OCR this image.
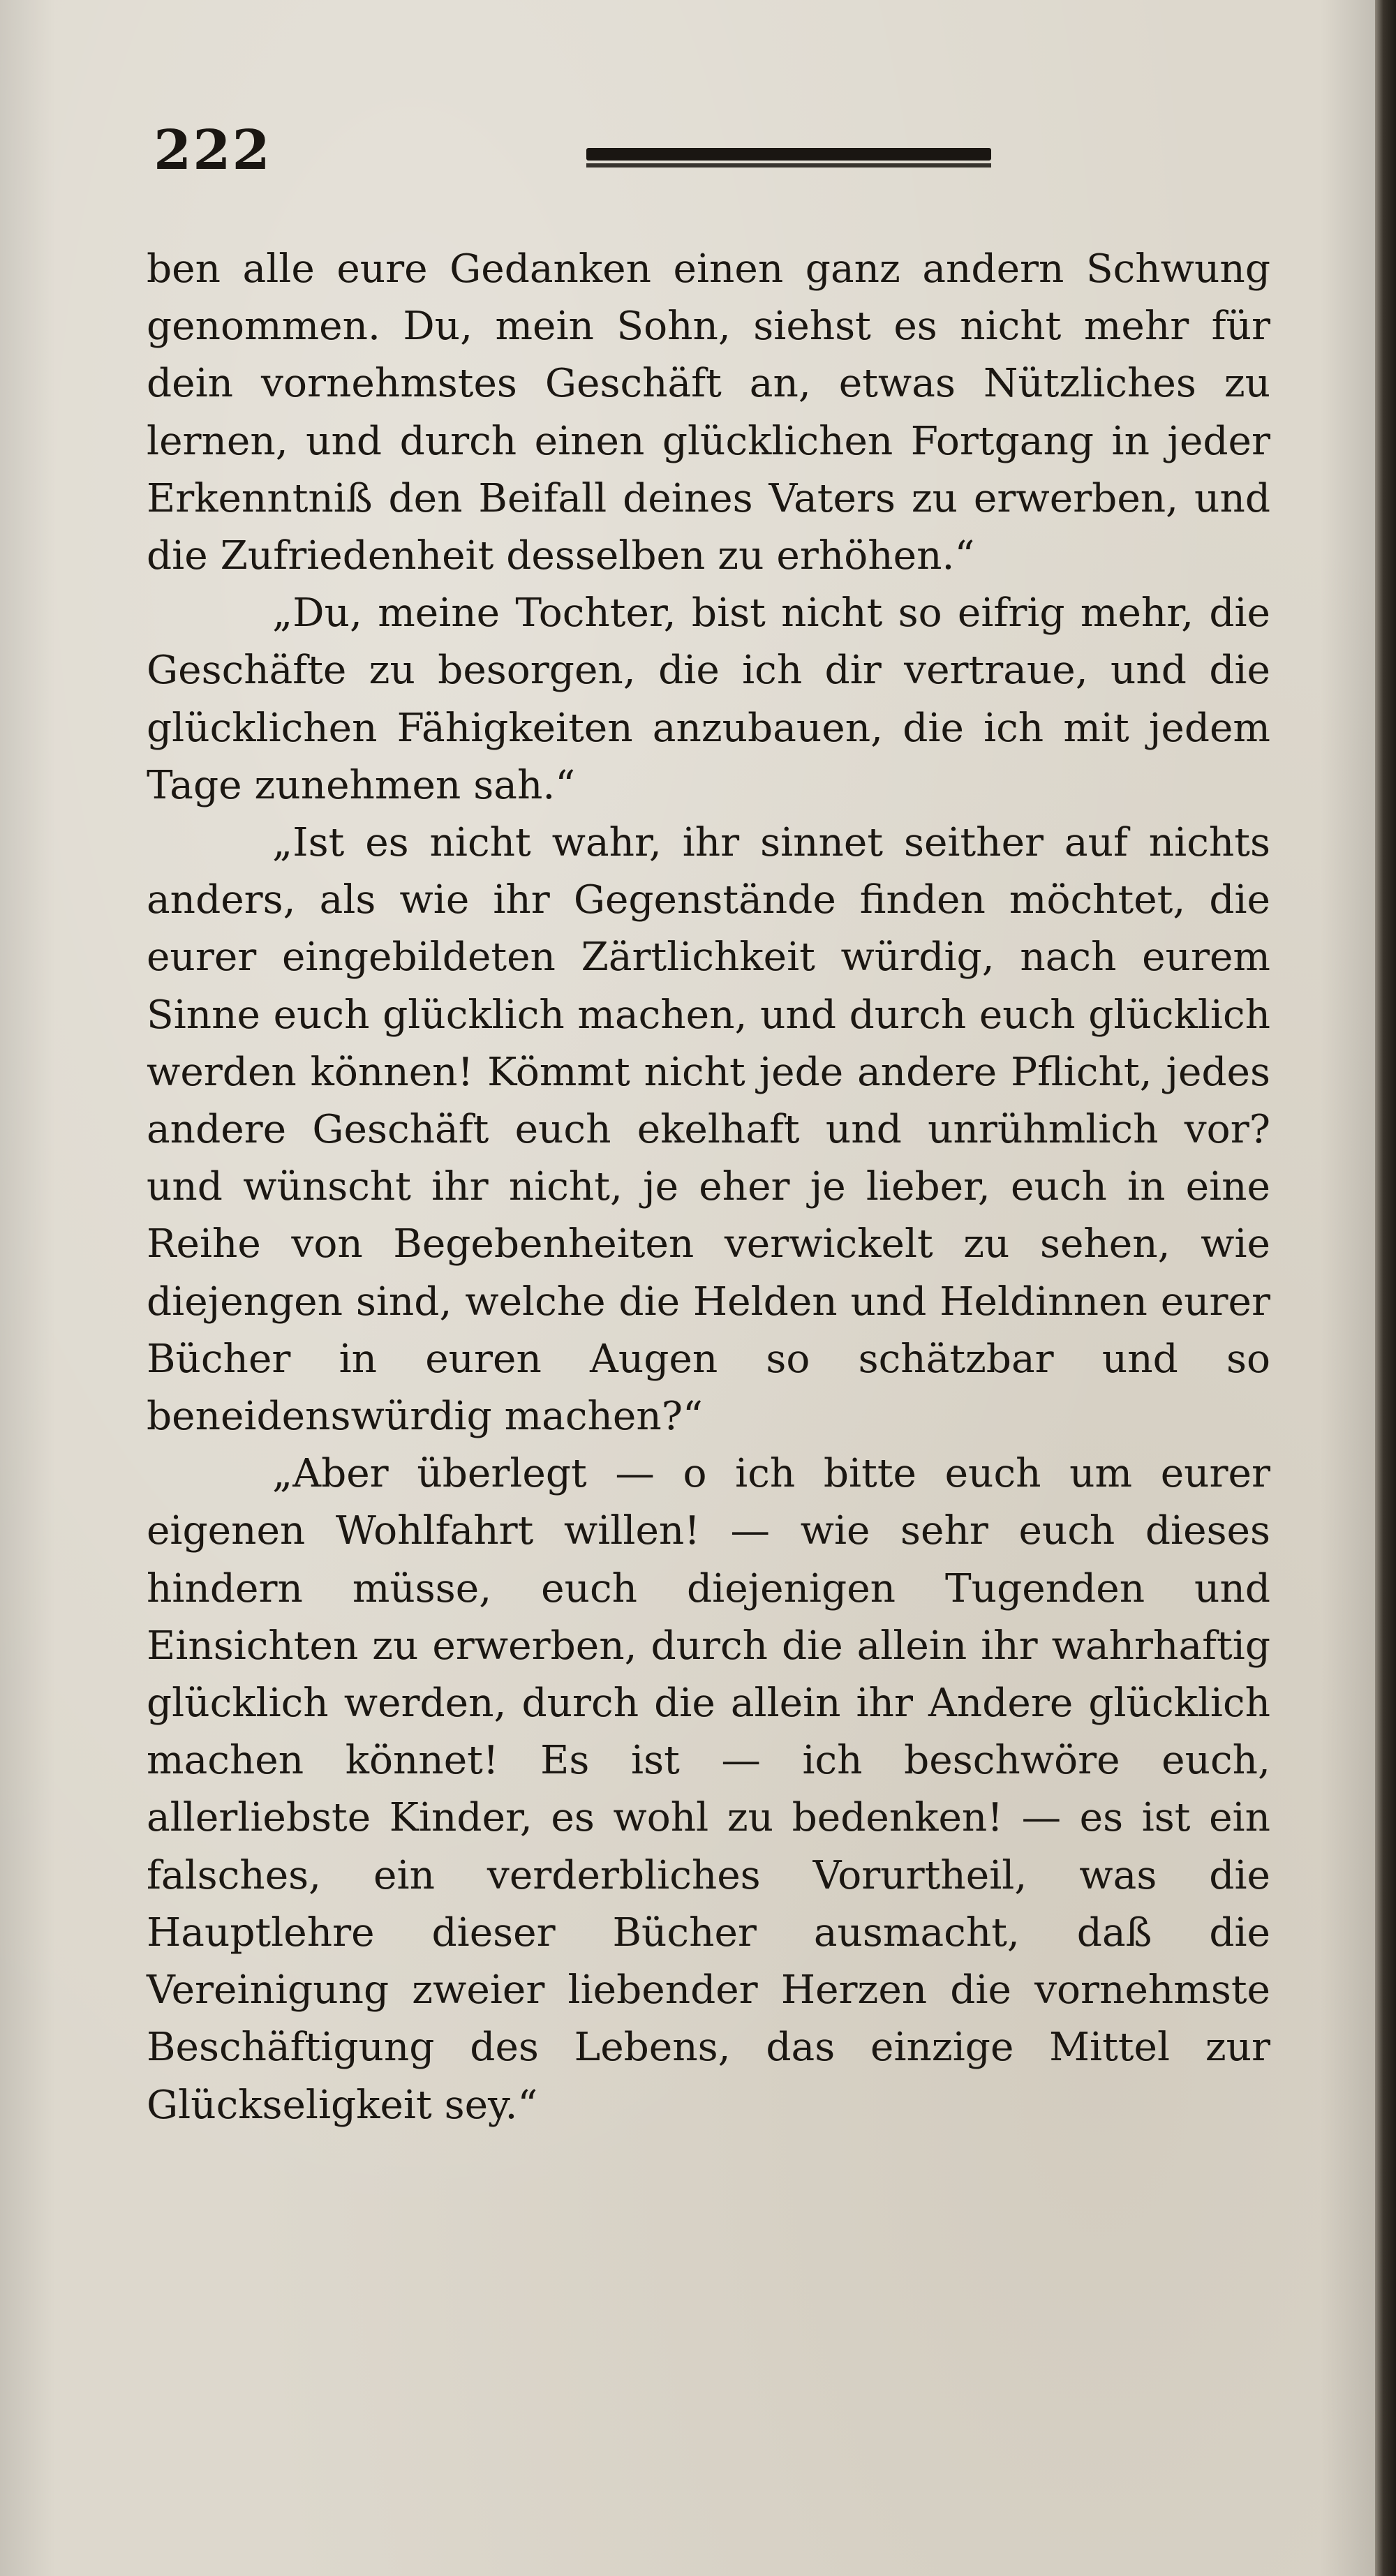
222

ben alle eure Gedanken einen ganz andern Schwung genommen. Du, mein Sohn, siehst es nicht mehr für dein vornehmstes Geschäft an, etwas Nützliches zu lernen, und durch einen glücklichen Fortgang in jeder Erkenntniß den Beifall deines Vaters zu erwerben, und die Zufriedenheit desselben zu erhöhen.“

„Du, meine Tochter, bist nicht so eifrig mehr, die Geschäfte zu besorgen, die ich dir vertraue, und die glücklichen Fähigkeiten anzubauen, die ich mit jedem Tage zunehmen sah.“

„Ist es nicht wahr, ihr sinnet seither auf nichts anders, als wie ihr Gegenstände finden möchtet, die eurer eingebildeten Zärtlichkeit würdig, nach eurem Sinne euch glücklich machen, und durch euch glücklich werden können! Kömmt nicht jede andere Pflicht, jedes andere Geschäft euch ekelhaft und unrühmlich vor? und wünscht ihr nicht, je eher je lieber, euch in eine Reihe von Begebenheiten verwickelt zu sehen, wie diejengen sind, welche die Helden und Heldinnen eurer Bücher in euren Augen so schätzbar und so beneidenswürdig machen?“

„Aber überlegt — o ich bitte euch um eurer eigenen Wohlfahrt willen! — wie sehr euch dieses hindern müsse, euch diejenigen Tugenden und Einsichten zu erwerben, durch die allein ihr wahrhaftig glücklich werden, durch die allein ihr Andere glücklich machen könnet! Es ist — ich beschwöre euch, allerliebste Kinder, es wohl zu bedenken! — es ist ein falsches, ein verderbliches Vorurtheil, was die Hauptlehre dieser Bücher ausmacht, daß die Vereinigung zweier liebender Herzen die vornehmste Beschäftigung des Lebens, das einzige Mittel zur Glückseligkeit sey.“
